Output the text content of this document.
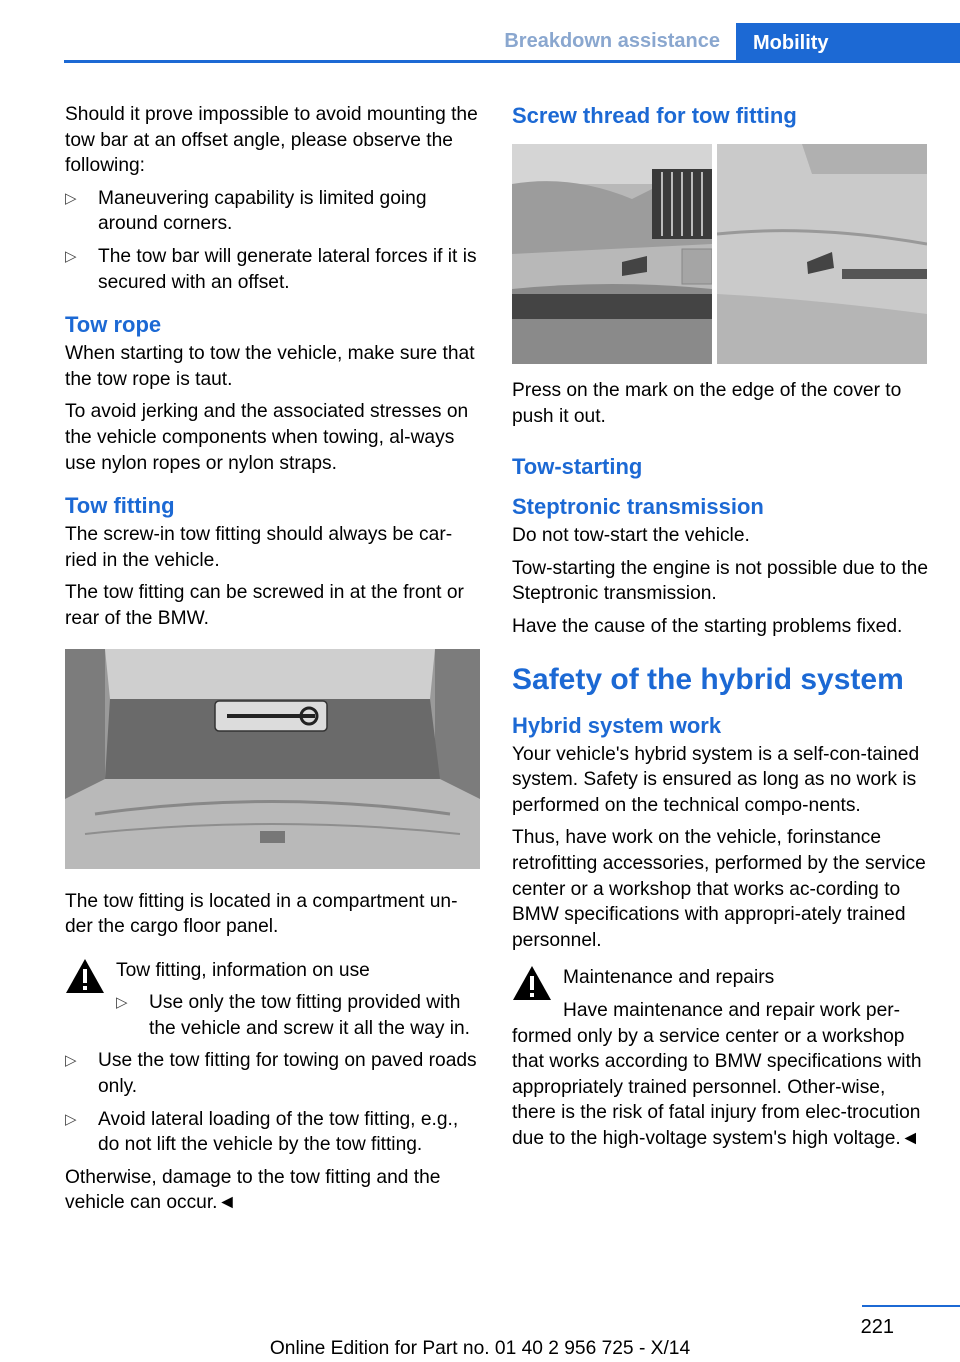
Breakdown assistance	Mobility

Should it prove impossible to avoid mounting the tow bar at an offset angle, please observe the following:

▷ Maneuvering capability is limited going around corners.
▷ The tow bar will generate lateral forces if it is secured with an offset.
Tow rope

When starting to tow the vehicle, make sure that the tow rope is taut.

To avoid jerking and the associated stresses on the vehicle components when towing, al-ways use nylon ropes or nylon straps.

Tow fitting

The screw-in tow fitting should always be car-ried in the vehicle.

The tow fitting can be screwed in at the front or rear of the BMW.

The tow fitting is located in a compartment un-der the cargo floor panel.

Tow fitting, information on use

▷ Use only the tow fitting provided with the vehicle and screw it all the way in.
▷ Use the tow fitting for towing on paved roads only.
▷ Avoid lateral loading of the tow fitting, e.g., do not lift the vehicle by the tow fitting.

Otherwise, damage to the tow fitting and the vehicle can occur.◄

Screw thread for tow fitting

Press on the mark on the edge of the cover to push it out.

Tow-starting
Steptronic transmission

Do not tow-start the vehicle.

Tow-starting the engine is not possible due to the Steptronic transmission.

Have the cause of the starting problems fixed.

Safety of the hybrid system
Hybrid system work

Your vehicle's hybrid system is a self-con-tained system. Safety is ensured as long as no work is performed on the technical compo-nents.

Thus, have work on the vehicle, forinstance retrofitting accessories, performed by the service center or a workshop that works ac-cording to BMW specifications with appropri-ately trained personnel.

Maintenance and repairs

Have maintenance and repair work per-formed only by a service center or a workshop that works according to BMW specifications with appropriately trained personnel. Other-wise, there is the risk of fatal injury from elec-trocution due to the high-voltage system's high voltage.◄

221
Online Edition for Part no. 01 40 2 956 725 - X/14
